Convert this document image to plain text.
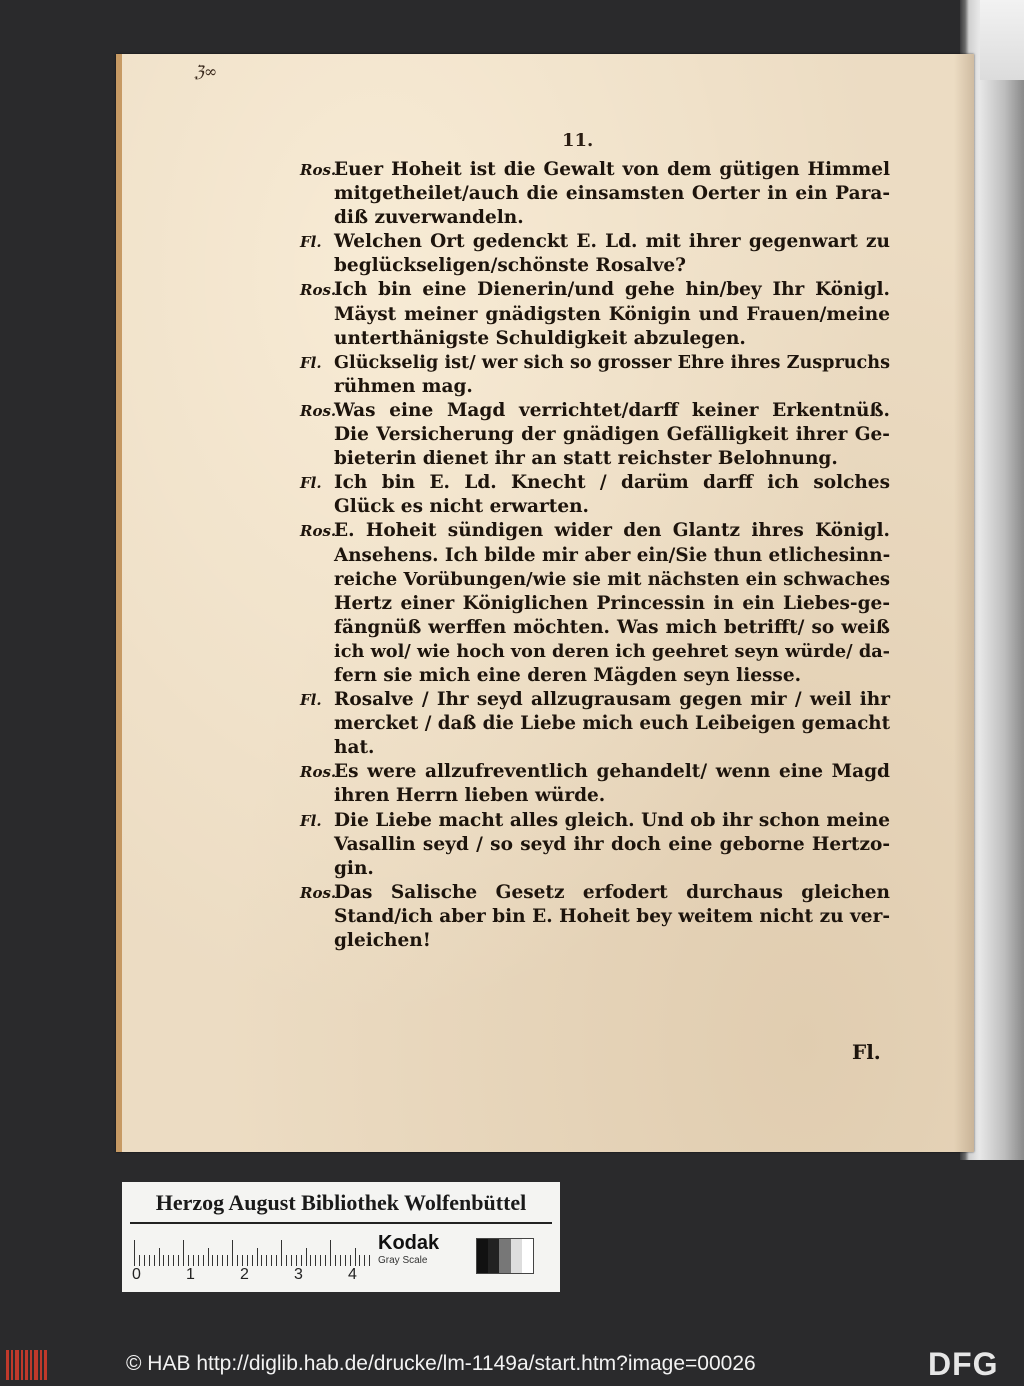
ℨ∞
11.
Ros.
Euer Hoheit ist die Gewalt von dem gütigen Himmel
mitgetheilet/auch die einsamsten Oerter in ein Para-
diß zuverwandeln.
Fl. Welchen Ort gedenckt E. Ld. mit ihrer gegenwart zu
beglückseligen/schönste Rosalve?
Ros.
Ich bin eine Dienerin/und gehe hin/bey Ihr Königl.
Mäyst meiner gnädigsten Königin und Frauen/meine
unterthänigste Schuldigkeit abzulegen.
Fl. Glückselig ist/ wer sich so grosser Ehre ihres Zuspruchs
rühmen mag.
Ros.
Was eine Magd verrichtet/darff keiner Erkentnüß.
Die Versicherung der gnädigen Gefälligkeit ihrer Ge-
bieterin dienet ihr an statt reichster Belohnung.
Fl. Ich bin E. Ld. Knecht / darüm darff ich solches
Glück es nicht erwarten.
Ros.
E. Hoheit sündigen wider den Glantz ihres Königl.
Ansehens. Ich bilde mir aber ein/Sie thun etlichesinn-
reiche Vorübungen/wie sie mit nächsten ein schwaches
Hertz einer Königlichen Princessin in ein Liebes-ge-
fängnüß werffen möchten. Was mich betrifft/ so weiß
ich wol/ wie hoch von deren ich geehret seyn würde/ da-
fern sie mich eine deren Mägden seyn liesse.
Fl. Rosalve / Ihr seyd allzugrausam gegen mir / weil ihr
mercket / daß die Liebe mich euch Leibeigen gemacht
hat.
Ros.
Es were allzufreventlich gehandelt/ wenn eine Magd
ihren Herrn lieben würde.
Fl. Die Liebe macht alles gleich. Und ob ihr schon meine
Vasallin seyd / so seyd ihr doch eine geborne Hertzo-
gin.
Ros.
Das Salische Gesetz erfodert durchaus gleichen
Stand/ich aber bin E. Hoheit bey weitem nicht zu ver-
gleichen!
Fl.
Herzog August Bibliothek Wolfenbüttel
0	1	2	3	4
Kodak
Gray Scale
© HAB http://diglib.hab.de/drucke/lm-1149a/start.htm?image=00026	DFG
